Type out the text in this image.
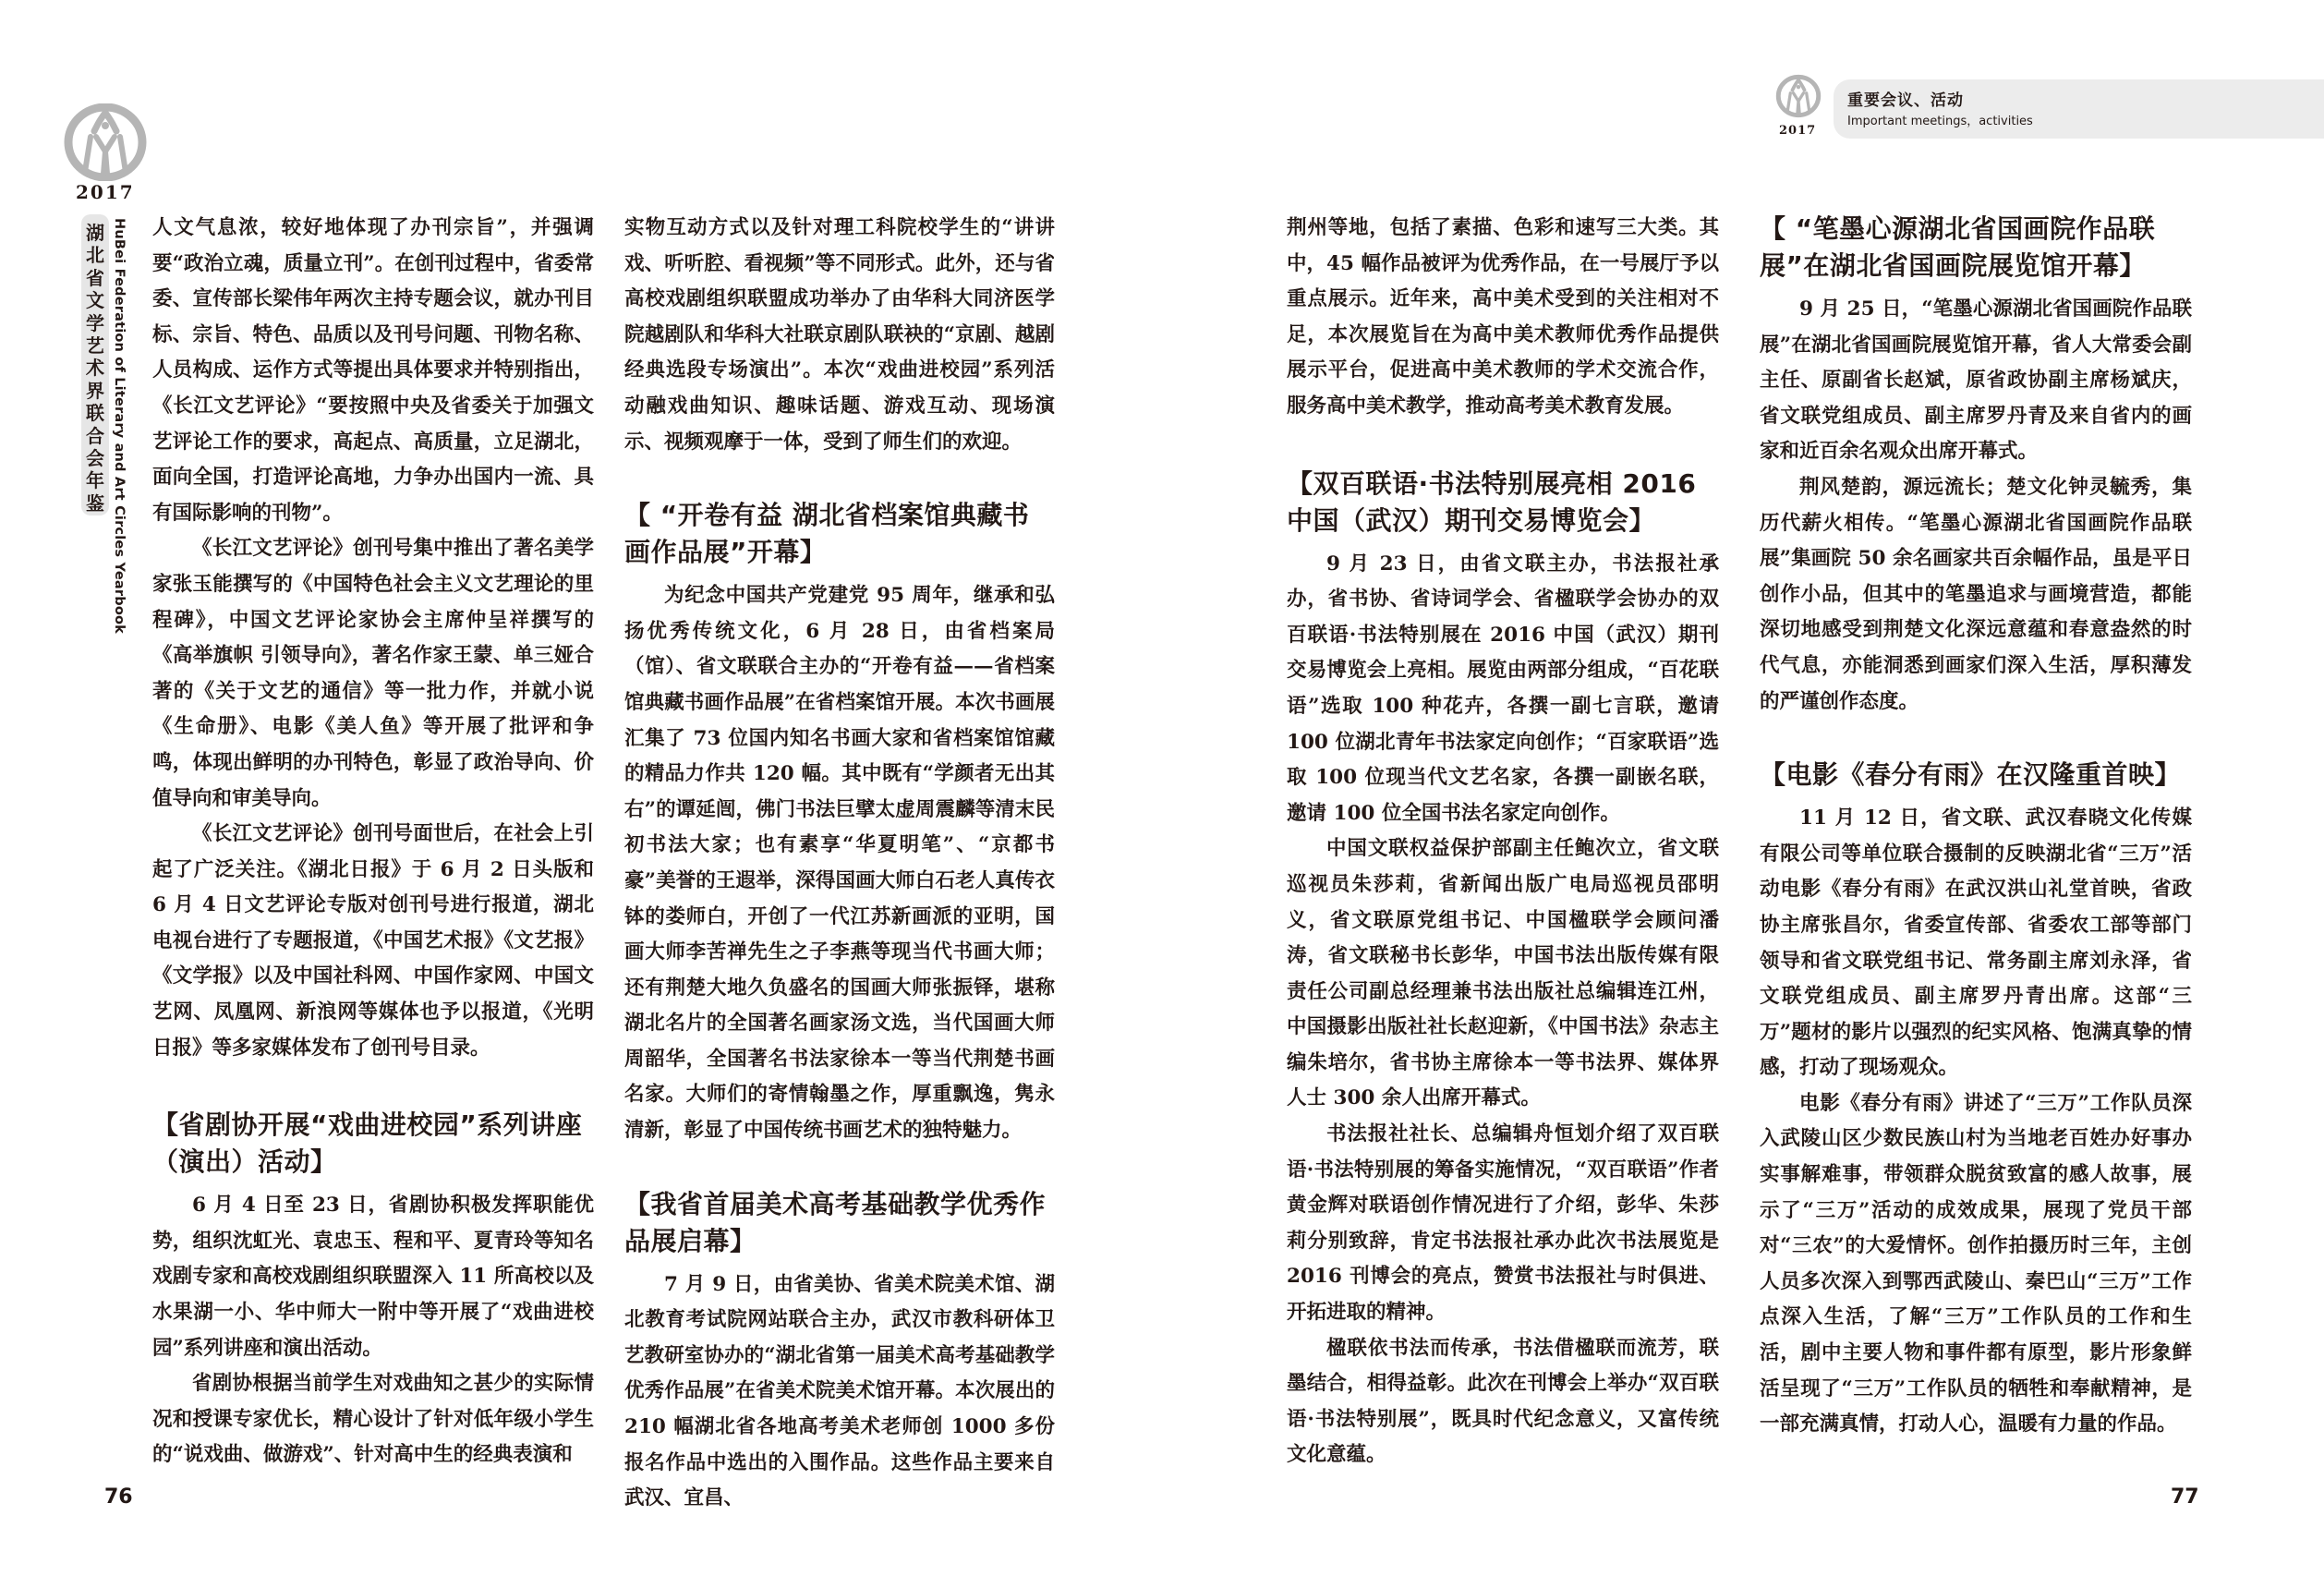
2017
湖
北
省
文
学
艺
术
界
联
合
会
年
鉴 HuBei Federation of Literary and Art Circles Yearbook 人文气息浓，较好地体现了办刊宗旨”，并强调要“政治立魂，质量立刊”。在创刊过程中，省委常委、宣传部长梁伟年两次主持专题会议，就办刊目标、宗旨、特色、品质以及刊号问题、刊物名称、人员构成、运作方式等提出具体要求并特别指出，《长江文艺评论》“要按照中央及省委关于加强文艺评论工作的要求，高起点、高质量，立足湖北，面向全国，打造评论高地，力争办出国内一流、具有国际影响的刊物”。

《长江文艺评论》创刊号集中推出了著名美学家张玉能撰写的《中国特色社会主义文艺理论的里程碑》，中国文艺评论家协会主席仲呈祥撰写的《高举旗帜 引领导向》，著名作家王蒙、单三娅合著的《关于文艺的通信》等一批力作，并就小说《生命册》、电影《美人鱼》等开展了批评和争鸣，体现出鲜明的办刊特色，彰显了政治导向、价值导向和审美导向。

《长江文艺评论》创刊号面世后，在社会上引起了广泛关注。《湖北日报》于 6 月 2 日头版和 6 月 4 日文艺评论专版对创刊号进行报道，湖北电视台进行了专题报道，《中国艺术报》《文艺报》《文学报》以及中国社科网、中国作家网、中国文艺网、凤凰网、新浪网等媒体也予以报道，《光明日报》等多家媒体发布了创刊号目录。

【省剧协开展“戏曲进校园”系列讲座（演出）活动】

6 月 4 日至 23 日，省剧协积极发挥职能优势，组织沈虹光、袁忠玉、程和平、夏青玲等知名戏剧专家和高校戏剧组织联盟深入 11 所高校以及水果湖一小、华中师大一附中等开展了“戏曲进校园”系列讲座和演出活动。

省剧协根据当前学生对戏曲知之甚少的实际情况和授课专家优长，精心设计了针对低年级小学生的“说戏曲、做游戏”、针对高中生的经典表演和

实物互动方式以及针对理工科院校学生的“讲讲戏、听听腔、看视频”等不同形式。此外，还与省高校戏剧组织联盟成功举办了由华科大同济医学院越剧队和华科大社联京剧队联袂的“京剧、越剧经典选段专场演出”。本次“戏曲进校园”系列活动融戏曲知识、趣味话题、游戏互动、现场演示、视频观摩于一体，受到了师生们的欢迎。

【 “开卷有益 湖北省档案馆典藏书画作品展”开幕】

为纪念中国共产党建党 95 周年，继承和弘扬优秀传统文化，6 月 28 日，由省档案局（馆）、省文联联合主办的“开卷有益——省档案馆典藏书画作品展”在省档案馆开展。本次书画展汇集了 73 位国内知名书画大家和省档案馆馆藏的精品力作共 120 幅。其中既有“学颜者无出其右”的谭延闿，佛门书法巨擘太虚周震麟等清末民初书法大家；也有素享“华夏明笔”、“京都书豪”美誉的王遐举，深得国画大师白石老人真传衣钵的娄师白，开创了一代江苏新画派的亚明，国画大师李苦禅先生之子李燕等现当代书画大师；还有荆楚大地久负盛名的国画大师张振铎，堪称湖北名片的全国著名画家汤文选，当代国画大师周韶华，全国著名书法家徐本一等当代荆楚书画名家。大师们的寄情翰墨之作，厚重飘逸，隽永清新，彰显了中国传统书画艺术的独特魅力。

【我省首届美术高考基础教学优秀作品展启幕】

7 月 9 日，由省美协、省美术院美术馆、湖北教育考试院网站联合主办，武汉市教科研体卫艺教研室协办的“湖北省第一届美术高考基础教学优秀作品展”在省美术院美术馆开幕。本次展出的 210 幅湖北省各地高考美术老师创 1000 多份报名作品中选出的入围作品。这些作品主要来自武汉、宜昌、

76
2017
重要会议、活动
Important meetings，activities

荆州等地，包括了素描、色彩和速写三大类。其中，45 幅作品被评为优秀作品，在一号展厅予以重点展示。近年来，高中美术受到的关注相对不足，本次展览旨在为高中美术教师优秀作品提供展示平台，促进高中美术教师的学术交流合作，服务高中美术教学，推动高考美术教育发展。

【双百联语·书法特别展亮相 2016 中国（武汉）期刊交易博览会】

9 月 23 日，由省文联主办，书法报社承办，省书协、省诗词学会、省楹联学会协办的双百联语·书法特别展在 2016 中国（武汉）期刊交易博览会上亮相。展览由两部分组成，“百花联语”选取 100 种花卉，各撰一副七言联，邀请 100 位湖北青年书法家定向创作；“百家联语”选取 100 位现当代文艺名家，各撰一副嵌名联，邀请 100 位全国书法名家定向创作。

中国文联权益保护部副主任鲍次立，省文联巡视员朱莎莉，省新闻出版广电局巡视员邵明义，省文联原党组书记、中国楹联学会顾问潘涛，省文联秘书长彭华，中国书法出版传媒有限责任公司副总经理兼书法出版社总编辑连江州，中国摄影出版社社长赵迎新，《中国书法》杂志主编朱培尔，省书协主席徐本一等书法界、媒体界人士 300 余人出席开幕式。

书法报社社长、总编辑舟恒划介绍了双百联语·书法特别展的筹备实施情况，“双百联语”作者黄金辉对联语创作情况进行了介绍，彭华、朱莎莉分别致辞，肯定书法报社承办此次书法展览是 2016 刊博会的亮点，赞赏书法报社与时俱进、开拓进取的精神。

楹联依书法而传承，书法借楹联而流芳，联墨结合，相得益彰。此次在刊博会上举办“双百联语·书法特别展”，既具时代纪念意义，又富传统文化意蕴。

【 “笔墨心源湖北省国画院作品联展”在湖北省国画院展览馆开幕】

9 月 25 日，“笔墨心源湖北省国画院作品联展”在湖北省国画院展览馆开幕，省人大常委会副主任、原副省长赵斌，原省政协副主席杨斌庆，省文联党组成员、副主席罗丹青及来自省内的画家和近百余名观众出席开幕式。

荆风楚韵，源远流长；楚文化钟灵毓秀，集历代薪火相传。“笔墨心源湖北省国画院作品联展”集画院 50 余名画家共百余幅作品，虽是平日创作小品，但其中的笔墨追求与画境营造，都能深切地感受到荆楚文化深远意蕴和春意盎然的时代气息，亦能洞悉到画家们深入生活，厚积薄发的严谨创作态度。

【电影《春分有雨》在汉隆重首映】

11 月 12 日，省文联、武汉春晓文化传媒有限公司等单位联合摄制的反映湖北省“三万”活动电影《春分有雨》在武汉洪山礼堂首映，省政协主席张昌尔，省委宣传部、省委农工部等部门领导和省文联党组书记、常务副主席刘永泽，省文联党组成员、副主席罗丹青出席。这部“三万”题材的影片以强烈的纪实风格、饱满真挚的情感，打动了现场观众。

电影《春分有雨》讲述了“三万”工作队员深入武陵山区少数民族山村为当地老百姓办好事办实事解难事，带领群众脱贫致富的感人故事，展示了“三万”活动的成效成果，展现了党员干部对“三农”的大爱情怀。创作拍摄历时三年，主创人员多次深入到鄂西武陵山、秦巴山“三万”工作点深入生活，了解“三万”工作队员的工作和生活，剧中主要人物和事件都有原型，影片形象鲜活呈现了“三万”工作队员的牺牲和奉献精神，是一部充满真情，打动人心，温暖有力量的作品。

77
